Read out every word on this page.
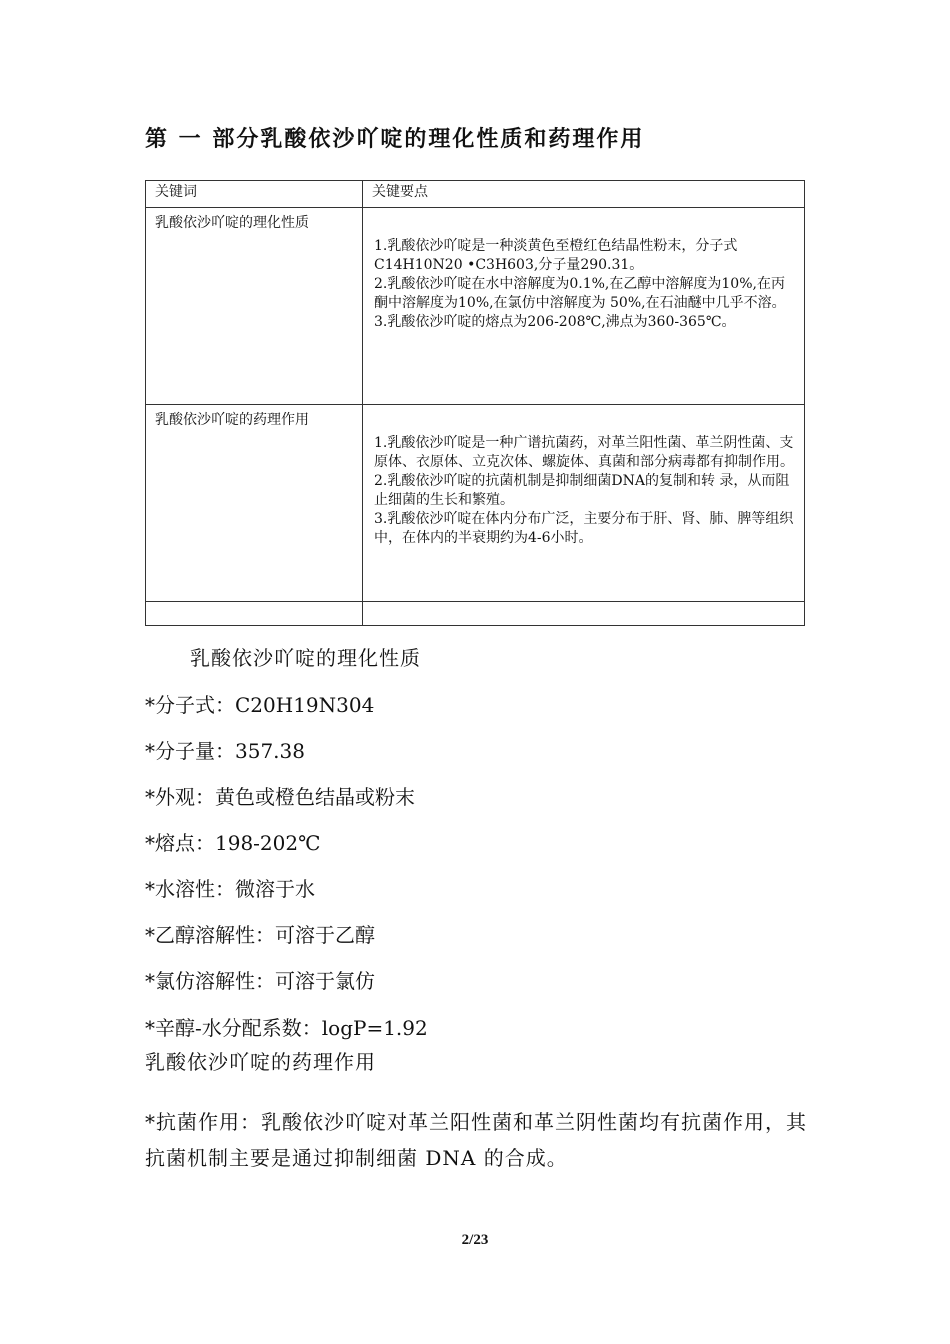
第 一 部分乳酸依沙吖啶的理化性质和药理作用
关键词	关键要点

乳酸依沙吖啶的理化性质	1.乳酸依沙吖啶是一种淡黄色至橙红色结晶性粉末，分子式C14H10N20 •C3H603,分子量290.31。
2.乳酸依沙吖啶在水中溶解度为0.1%,在乙醇中溶解度为10%,在丙酮中溶解度为10%,在氯仿中溶解度为 50%,在石油醚中几乎不溶。
3.乳酸依沙吖啶的熔点为206-208℃,沸点为360-365℃。

乳酸依沙吖啶的药理作用	1.乳酸依沙吖啶是一种广谱抗菌药，对革兰阳性菌、革兰阴性菌、支原体、衣原体、立克次体、螺旋体、真菌和部分病毒都有抑制作用。
2.乳酸依沙吖啶的抗菌机制是抑制细菌DNA的复制和转 录，从而阻止细菌的生长和繁殖。
3.乳酸依沙吖啶在体内分布广泛，主要分布于肝、肾、肺、脾等组织中，在体内的半衰期约为4-6小时。

乳酸依沙吖啶的理化性质
*分子式：C20H19N304
*分子量：357.38
*外观：黄色或橙色结晶或粉末
*熔点：198-202℃
*水溶性：微溶于水
*乙醇溶解性：可溶于乙醇
*氯仿溶解性：可溶于氯仿
*辛醇-水分配系数：logP=1.92
乳酸依沙吖啶的药理作用
*抗菌作用：乳酸依沙吖啶对革兰阳性菌和革兰阴性菌均有抗菌作用，其抗菌机制主要是通过抑制细菌 DNA 的合成。
2/23
